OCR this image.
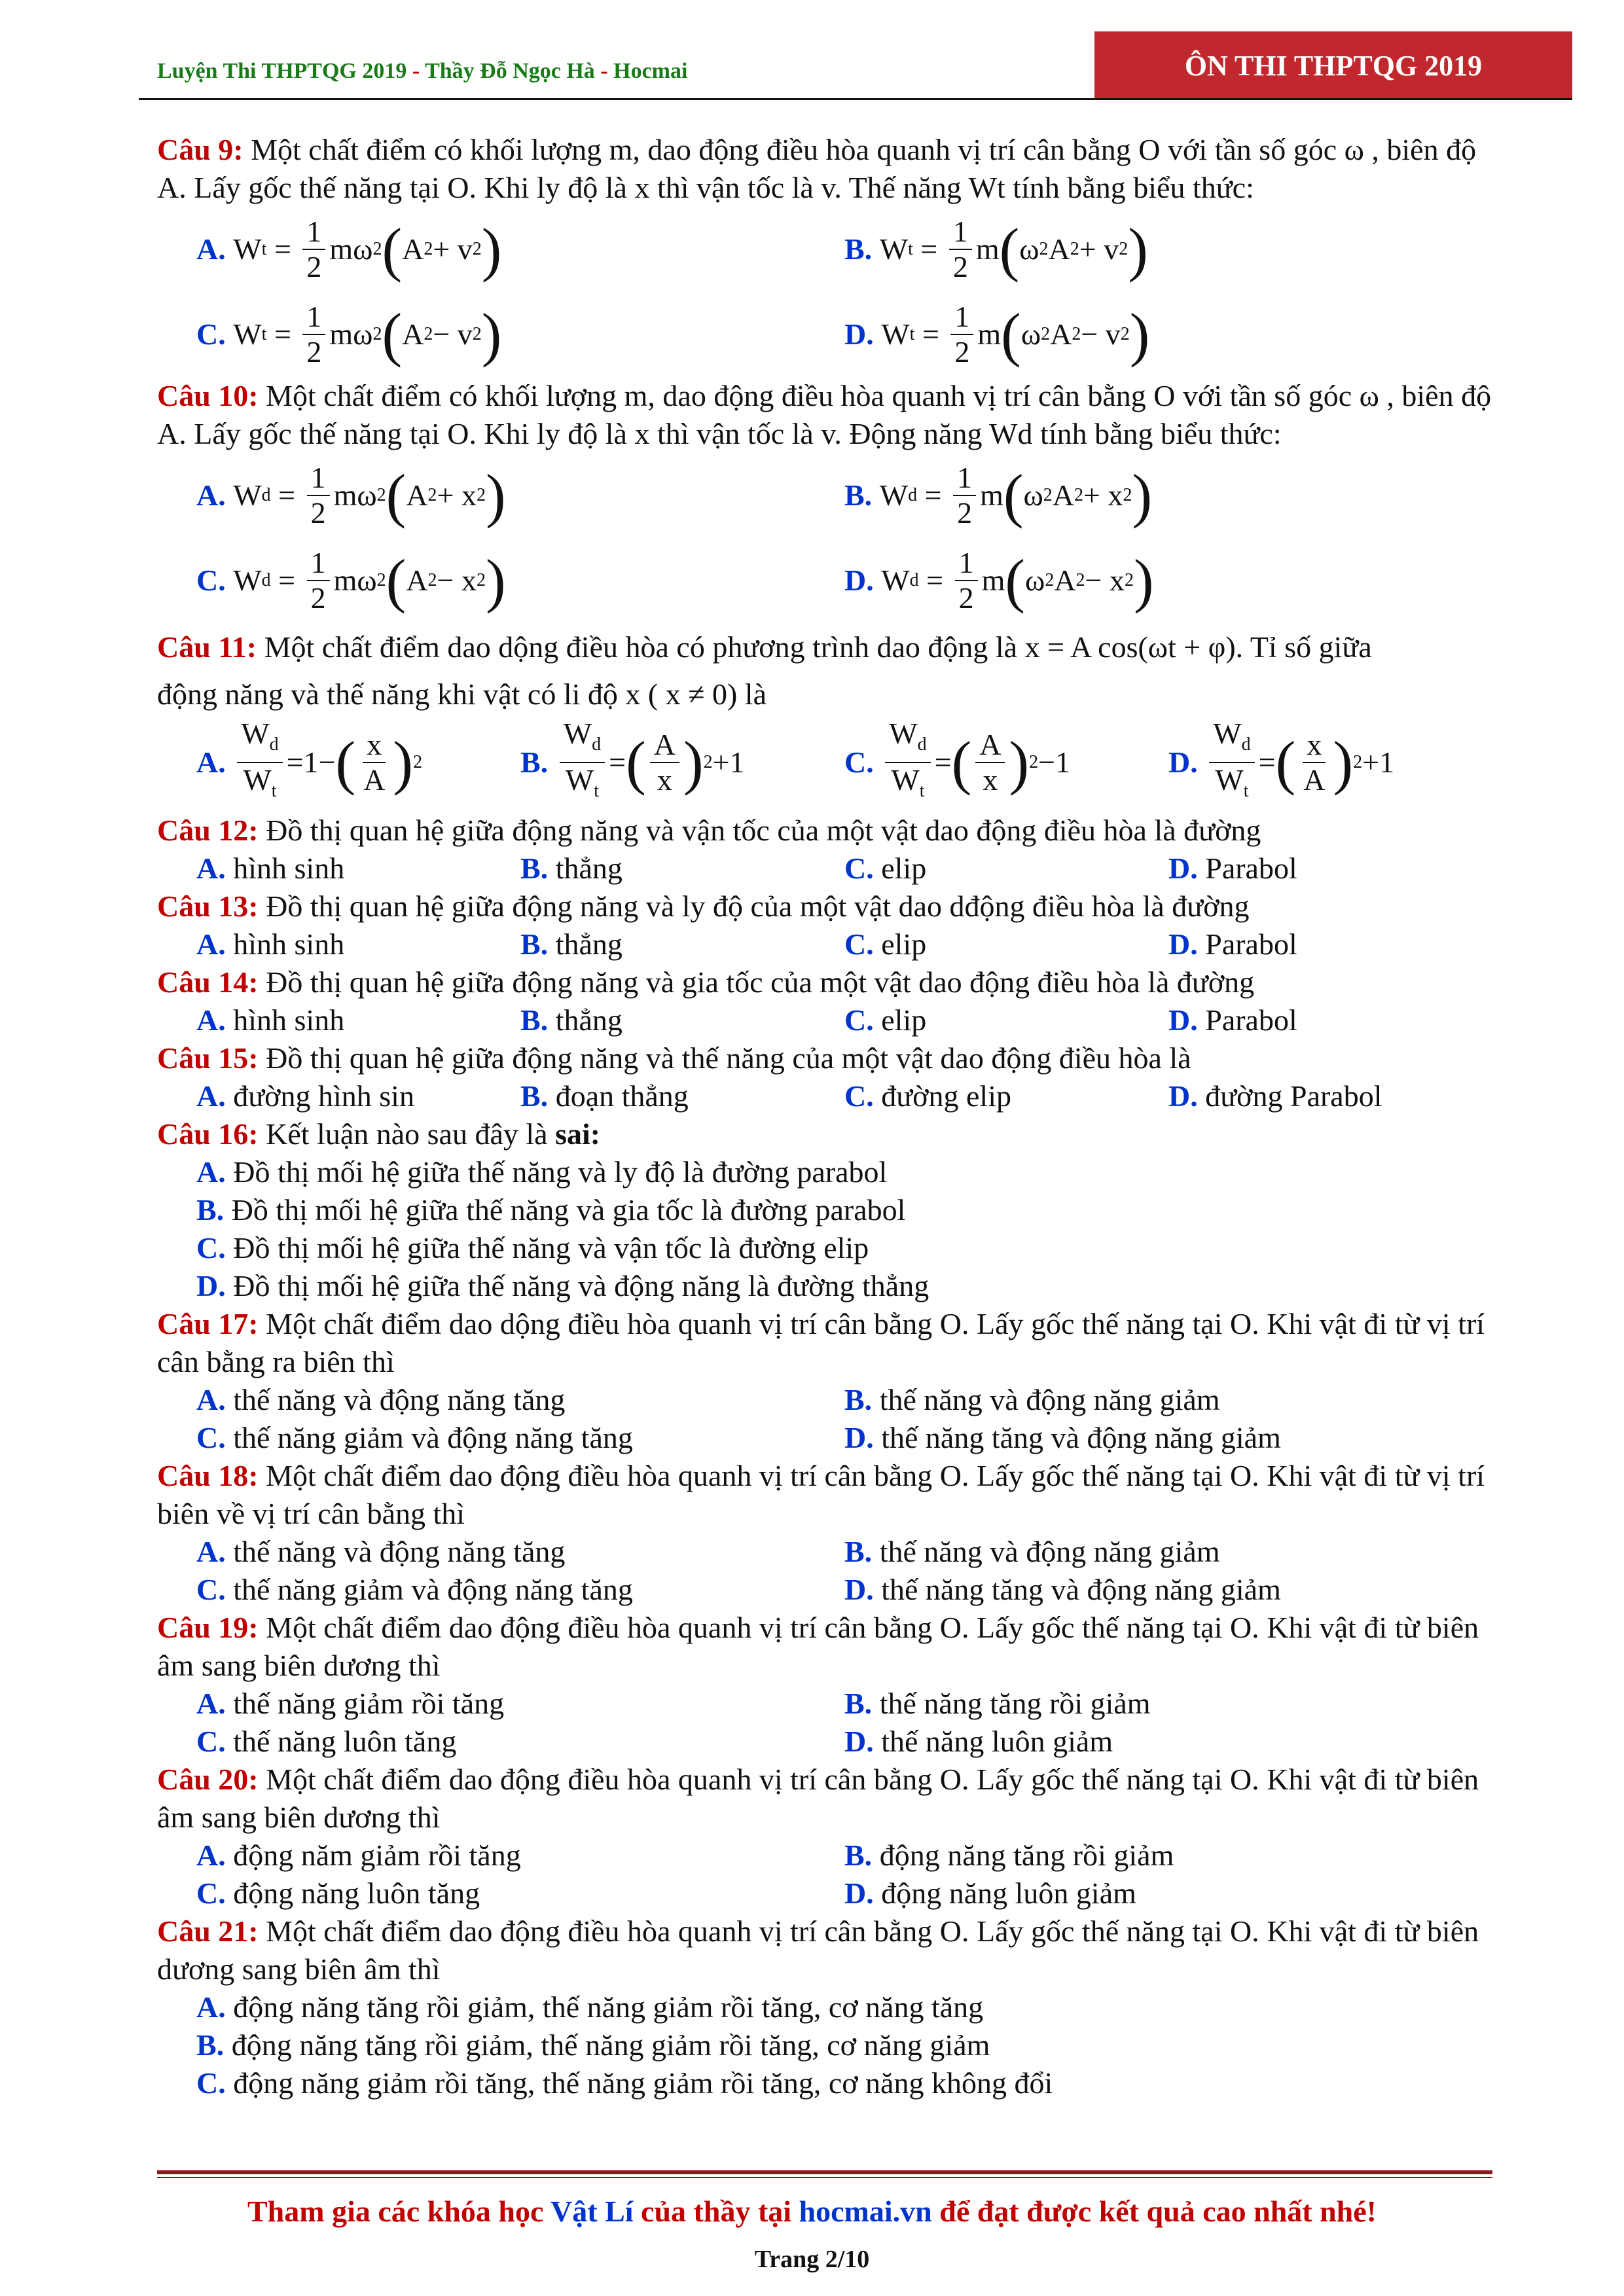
Luyện Thi THPTQG 2019 - Thầy Đỗ Ngọc Hà - Hocmai	ÔN THI THPTQG 2019

Câu 9: Một chất điểm có khối lượng m, dao động điều hòa quanh vị trí cân bằng O với tần số góc ω , biên độ A. Lấy gốc thế năng tại O. Khi ly độ là x thì vận tốc là v. Thế năng Wt tính bằng biểu thức:

A. W $t = \frac{1}{2}$ mω 2 ( A 2 + v 2 )	B. W $t = \frac{1}{2}$ m ( ω 2 A 2 + v 2 )
C. W $t = \frac{1}{2}$ mω 2 ( A 2 − v 2 )	D. W $t = \frac{1}{2}$ m ( ω 2 A 2 − v 2 )

Câu 10: Một chất điểm có khối lượng m, dao động điều hòa quanh vị trí cân bằng O với tần số góc ω , biên độ A. Lấy gốc thế năng tại O. Khi ly độ là x thì vận tốc là v. Động năng Wd tính bằng biểu thức:

A. W $d = \frac{1}{2}$ mω 2 ( A 2 + x 2 )	B. W $d = \frac{1}{2}$ m ( ω 2 A 2 + x 2 )
C. W $d = \frac{1}{2}$ mω 2 ( A 2 − x 2 )	D. W $d = \frac{1}{2}$ m ( ω 2 A 2 − x 2 )

Câu 11: Một chất điểm dao dộng điều hòa có phương trình dao động là x = A cos(ωt + φ). Tỉ số giữa

động năng và thế năng khi vật có li độ x ( x ≠ 0) là

A.
$\frac{W_d}{W_t} =1-$ ( $\frac{x}{A}$ ) 2	B.
$\frac{W_d}{W_t}$ = ( $\frac{A}{x}$ ) 2 +1	C.
$\frac{W_d}{W_t}$ = ( $\frac{A}{x}$ ) 2 −1	D.
$\frac{W_d}{W_t}$ = ( $\frac{x}{A}$ ) 2 +1

Câu 12: Đồ thị quan hệ giữa động năng và vận tốc của một vật dao động điều hòa là đường

A. hình sinh	B. thẳng	C. elip	D. Parabol

Câu 13: Đồ thị quan hệ giữa động năng và ly độ của một vật dao dđộng điều hòa là đường

A. hình sinh	B. thẳng	C. elip	D. Parabol

Câu 14: Đồ thị quan hệ giữa động năng và gia tốc của một vật dao động điều hòa là đường

A. hình sinh	B. thẳng	C. elip	D. Parabol

Câu 15: Đồ thị quan hệ giữa động năng và thế năng của một vật dao động điều hòa là

A. đường hình sin	B. đoạn thẳng	C. đường elip	D. đường Parabol

Câu 16: Kết luận nào sau đây là sai:

A. Đồ thị mối hệ giữa thế năng và ly độ là đường parabol
B. Đồ thị mối hệ giữa thế năng và gia tốc là đường parabol
C. Đồ thị mối hệ giữa thế năng và vận tốc là đường elip
D. Đồ thị mối hệ giữa thế năng và động năng là đường thẳng

Câu 17: Một chất điểm dao dộng điều hòa quanh vị trí cân bằng O. Lấy gốc thế năng tại O. Khi vật đi từ vị trí cân bằng ra biên thì

A. thế năng và động năng tăng	B. thế năng và động năng giảm
C. thế năng giảm và động năng tăng	D. thế năng tăng và động năng giảm

Câu 18: Một chất điểm dao động điều hòa quanh vị trí cân bằng O. Lấy gốc thế năng tại O. Khi vật đi từ vị trí biên về vị trí cân bằng thì

A. thế năng và động năng tăng	B. thế năng và động năng giảm
C. thế năng giảm và động năng tăng	D. thế năng tăng và động năng giảm

Câu 19: Một chất điểm dao động điều hòa quanh vị trí cân bằng O. Lấy gốc thế năng tại O. Khi vật đi từ biên âm sang biên dương thì

A. thế năng giảm rồi tăng	B. thế năng tăng rồi giảm
C. thế năng luôn tăng	D. thế năng luôn giảm

Câu 20: Một chất điểm dao động điều hòa quanh vị trí cân bằng O. Lấy gốc thế năng tại O. Khi vật đi từ biên âm sang biên dương thì

A. động năm giảm rồi tăng	B. động năng tăng rồi giảm
C. động năng luôn tăng	D. động năng luôn giảm

Câu 21: Một chất điểm dao động điều hòa quanh vị trí cân bằng O. Lấy gốc thế năng tại O. Khi vật đi từ biên dương sang biên âm thì

A. động năng tăng rồi giảm, thế năng giảm rồi tăng, cơ năng tăng
B. động năng tăng rồi giảm, thế năng giảm rồi tăng, cơ năng giảm
C. động năng giảm rồi tăng, thế năng giảm rồi tăng, cơ năng không đổi
Tham gia các khóa học Vật Lí của thầy tại hocmai.vn để đạt được kết quả cao nhất nhé!
Trang 2/10
